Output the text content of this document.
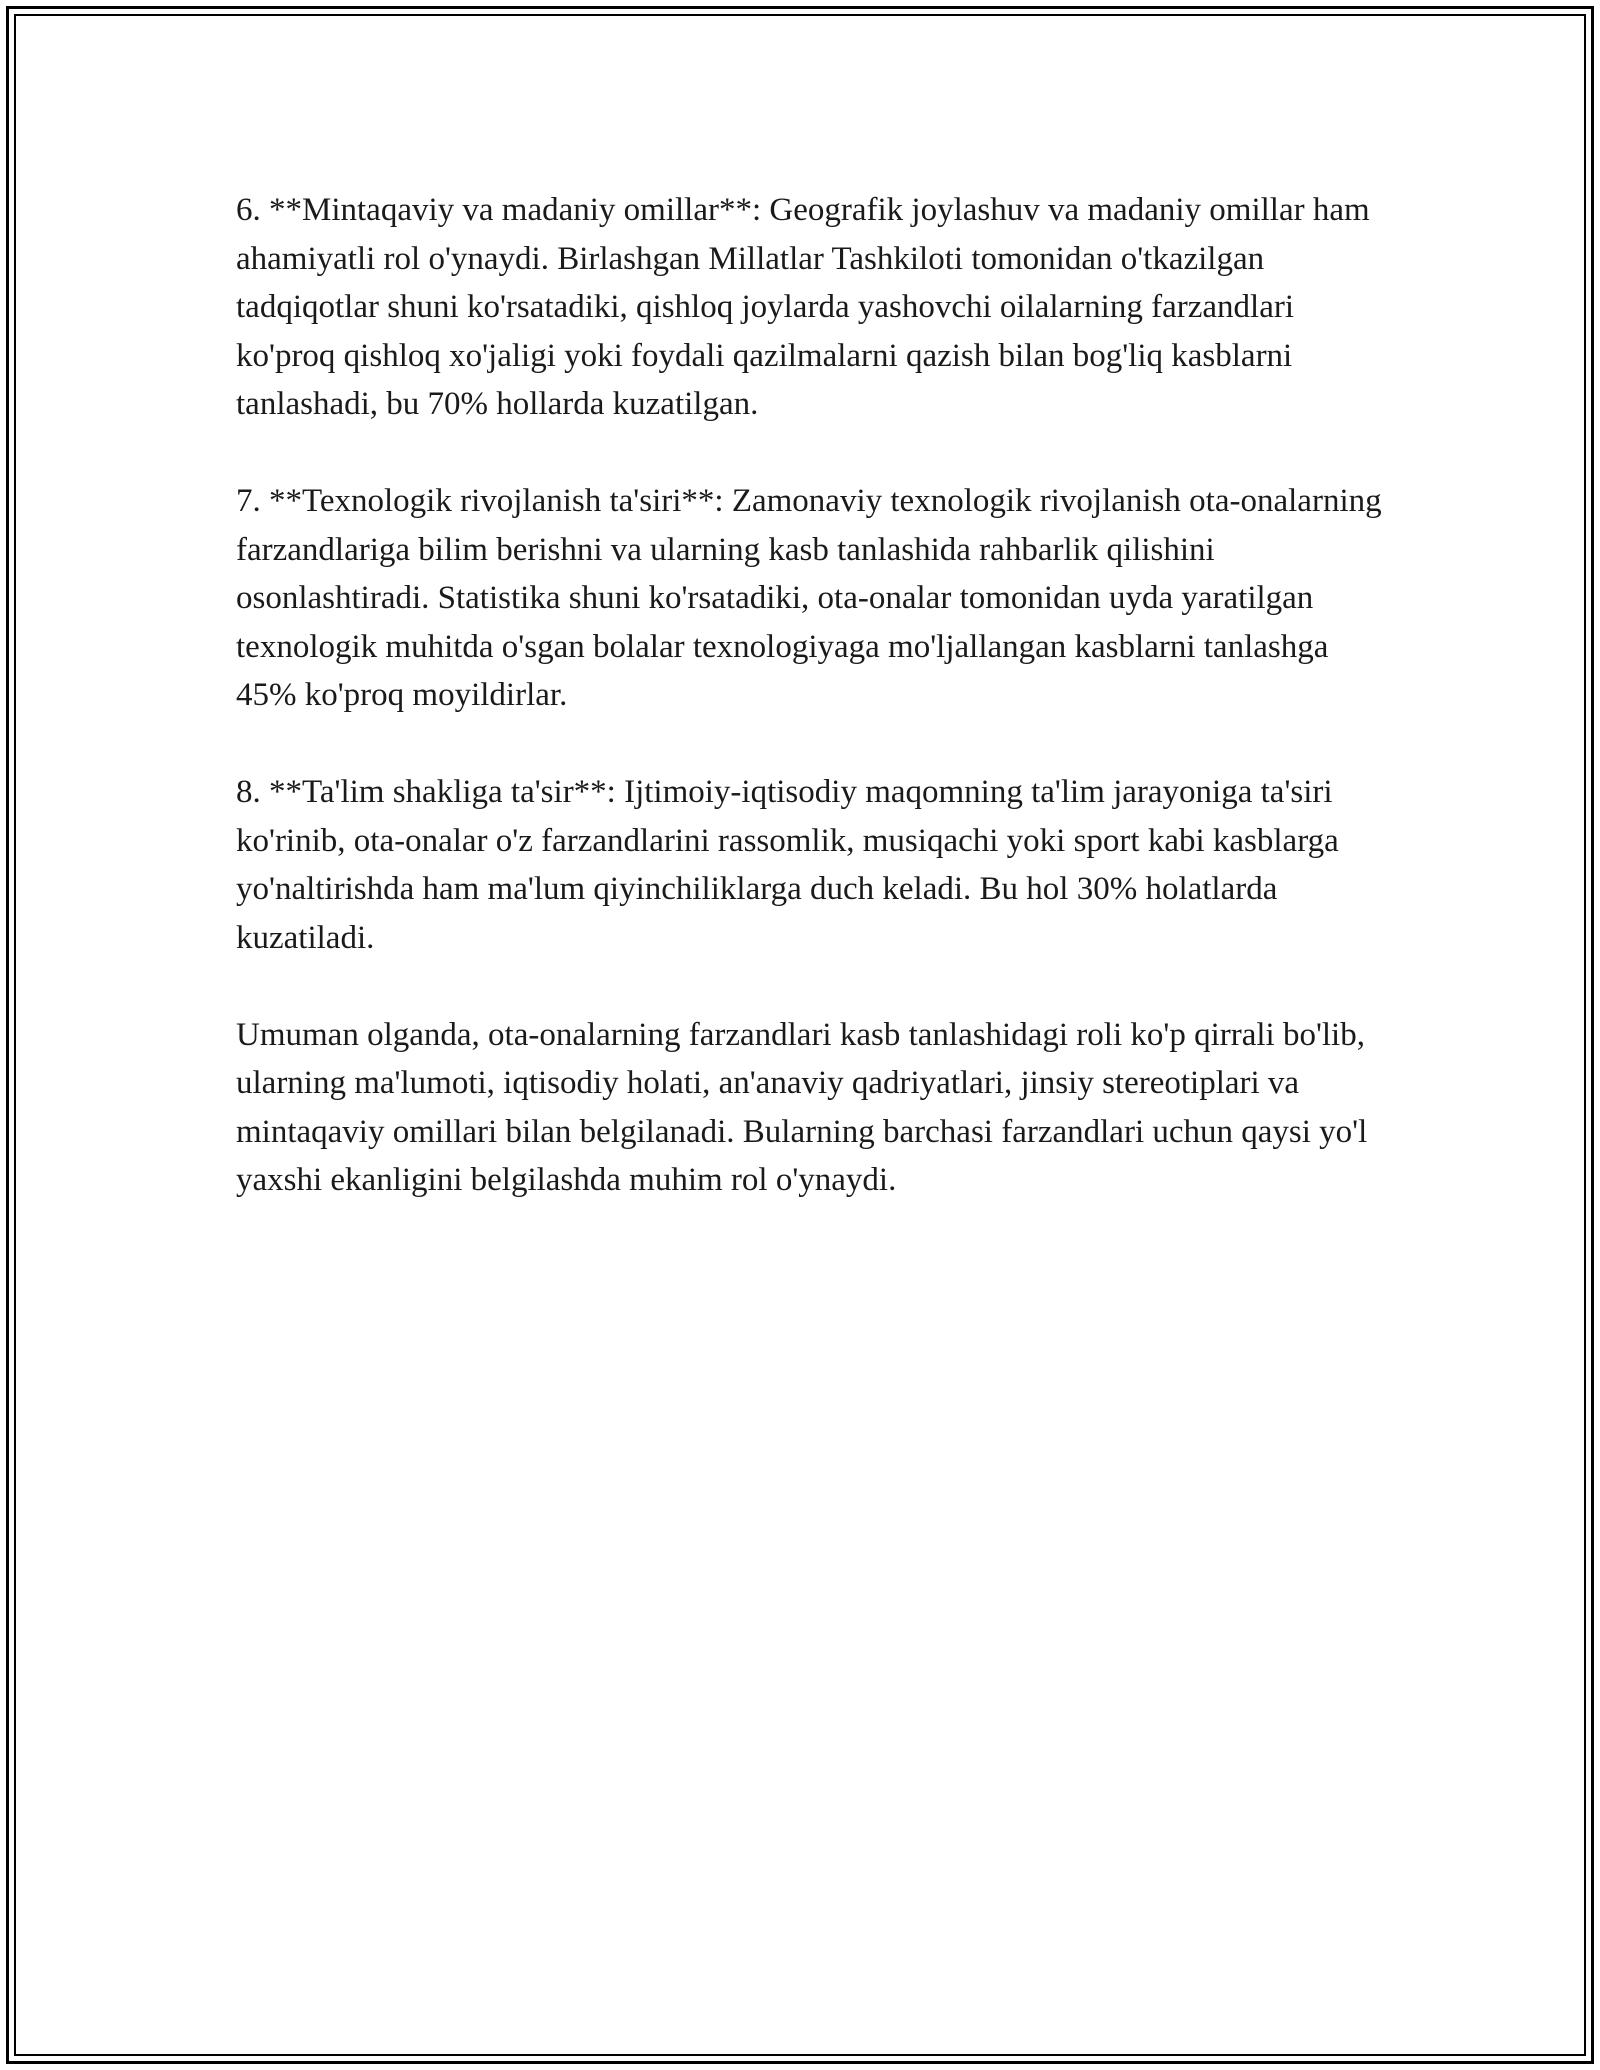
6. **Mintaqaviy va madaniy omillar**: Geografik joylashuv va madaniy omillar ham ahamiyatli rol o'ynaydi. Birlashgan Millatlar Tashkiloti tomonidan o'tkazilgan tadqiqotlar shuni ko'rsatadiki, qishloq joylarda yashovchi oilalarning farzandlari ko'proq qishloq xo'jaligi yoki foydali qazilmalarni qazish bilan bog'liq kasblarni tanlashadi, bu 70% hollarda kuzatilgan.

7. **Texnologik rivojlanish ta'siri**: Zamonaviy texnologik rivojlanish ota-onalarning farzandlariga bilim berishni va ularning kasb tanlashida rahbarlik qilishini osonlashtiradi. Statistika shuni ko'rsatadiki, ota-onalar tomonidan uyda yaratilgan texnologik muhitda o'sgan bolalar texnologiyaga mo'ljallangan kasblarni tanlashga 45% ko'proq moyildirlar.

8. **Ta'lim shakliga ta'sir**: Ijtimoiy-iqtisodiy maqomning ta'lim jarayoniga ta'siri ko'rinib, ota-onalar o'z farzandlarini rassomlik, musiqachi yoki sport kabi kasblarga yo'naltirishda ham ma'lum qiyinchiliklarga duch keladi. Bu hol 30% holatlarda kuzatiladi.

Umuman olganda, ota-onalarning farzandlari kasb tanlashidagi roli ko'p qirrali bo'lib, ularning ma'lumoti, iqtisodiy holati, an'anaviy qadriyatlari, jinsiy stereotiplari va mintaqaviy omillari bilan belgilanadi. Bularning barchasi farzandlari uchun qaysi yo'l yaxshi ekanligini belgilashda muhim rol o'ynaydi.
